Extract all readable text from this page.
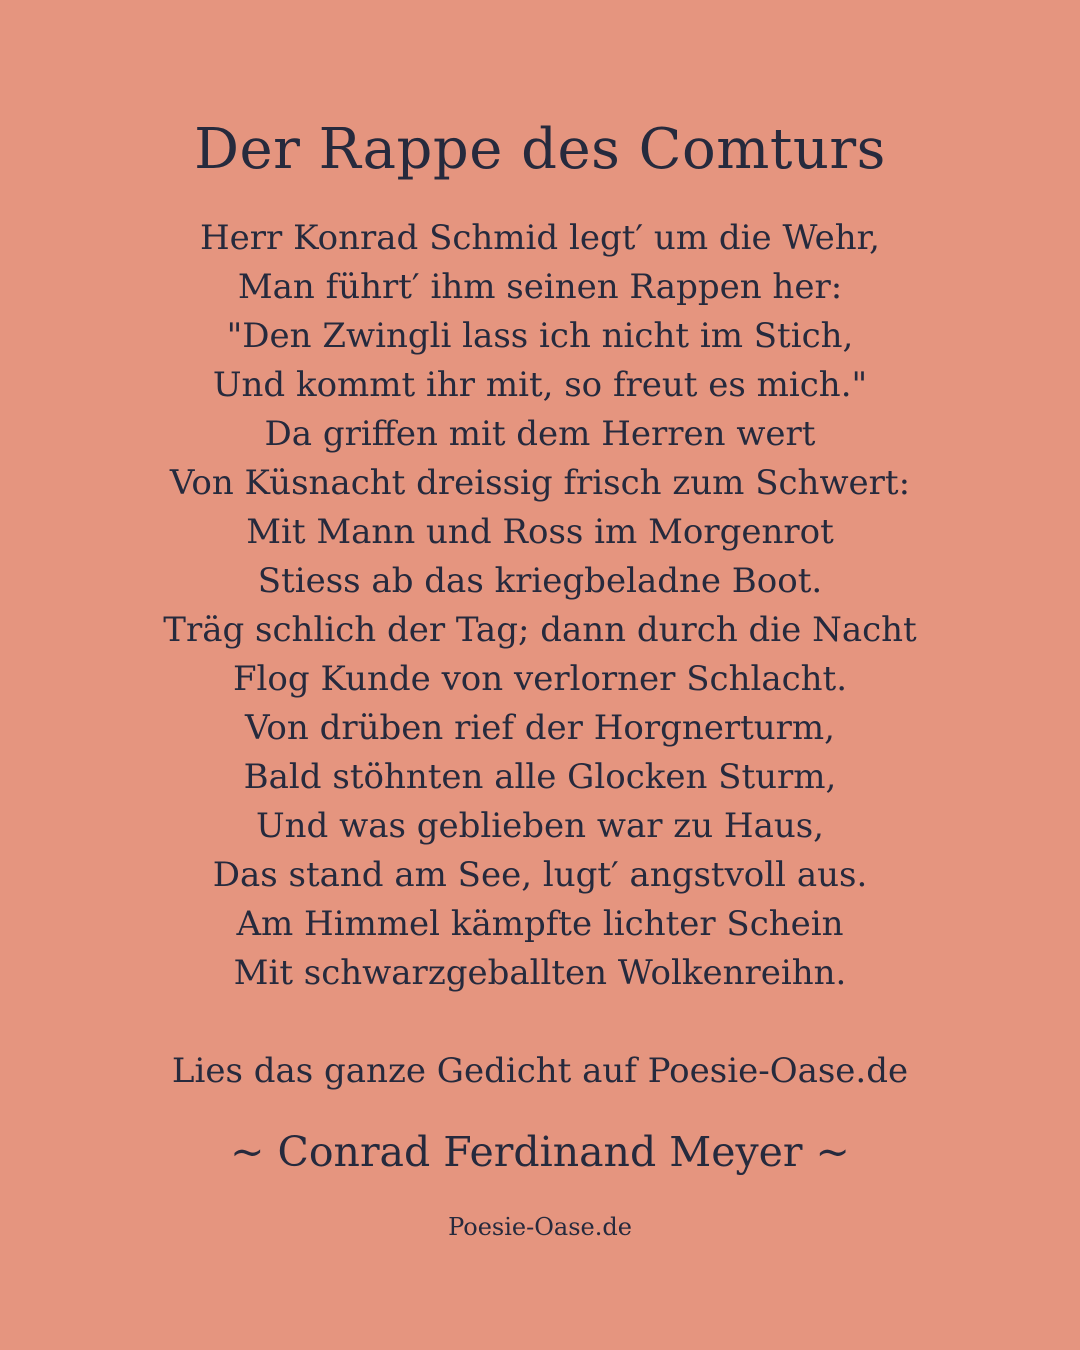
Der Rappe des Comturs
Herr Konrad Schmid legt′ um die Wehr,
Man führt′ ihm seinen Rappen her:
"Den Zwingli lass ich nicht im Stich,
Und kommt ihr mit, so freut es mich."
Da griffen mit dem Herren wert
Von Küsnacht dreissig frisch zum Schwert:
Mit Mann und Ross im Morgenrot
Stiess ab das kriegbeladne Boot.
Träg schlich der Tag; dann durch die Nacht
Flog Kunde von verlorner Schlacht.
Von drüben rief der Horgnerturm,
Bald stöhnten alle Glocken Sturm,
Und was geblieben war zu Haus,
Das stand am See, lugt′ angstvoll aus.
Am Himmel kämpfte lichter Schein
Mit schwarzgeballten Wolkenreihn.

Lies das ganze Gedicht auf Poesie-Oase.de

~ Conrad Ferdinand Meyer ~

Poesie-Oase.de
